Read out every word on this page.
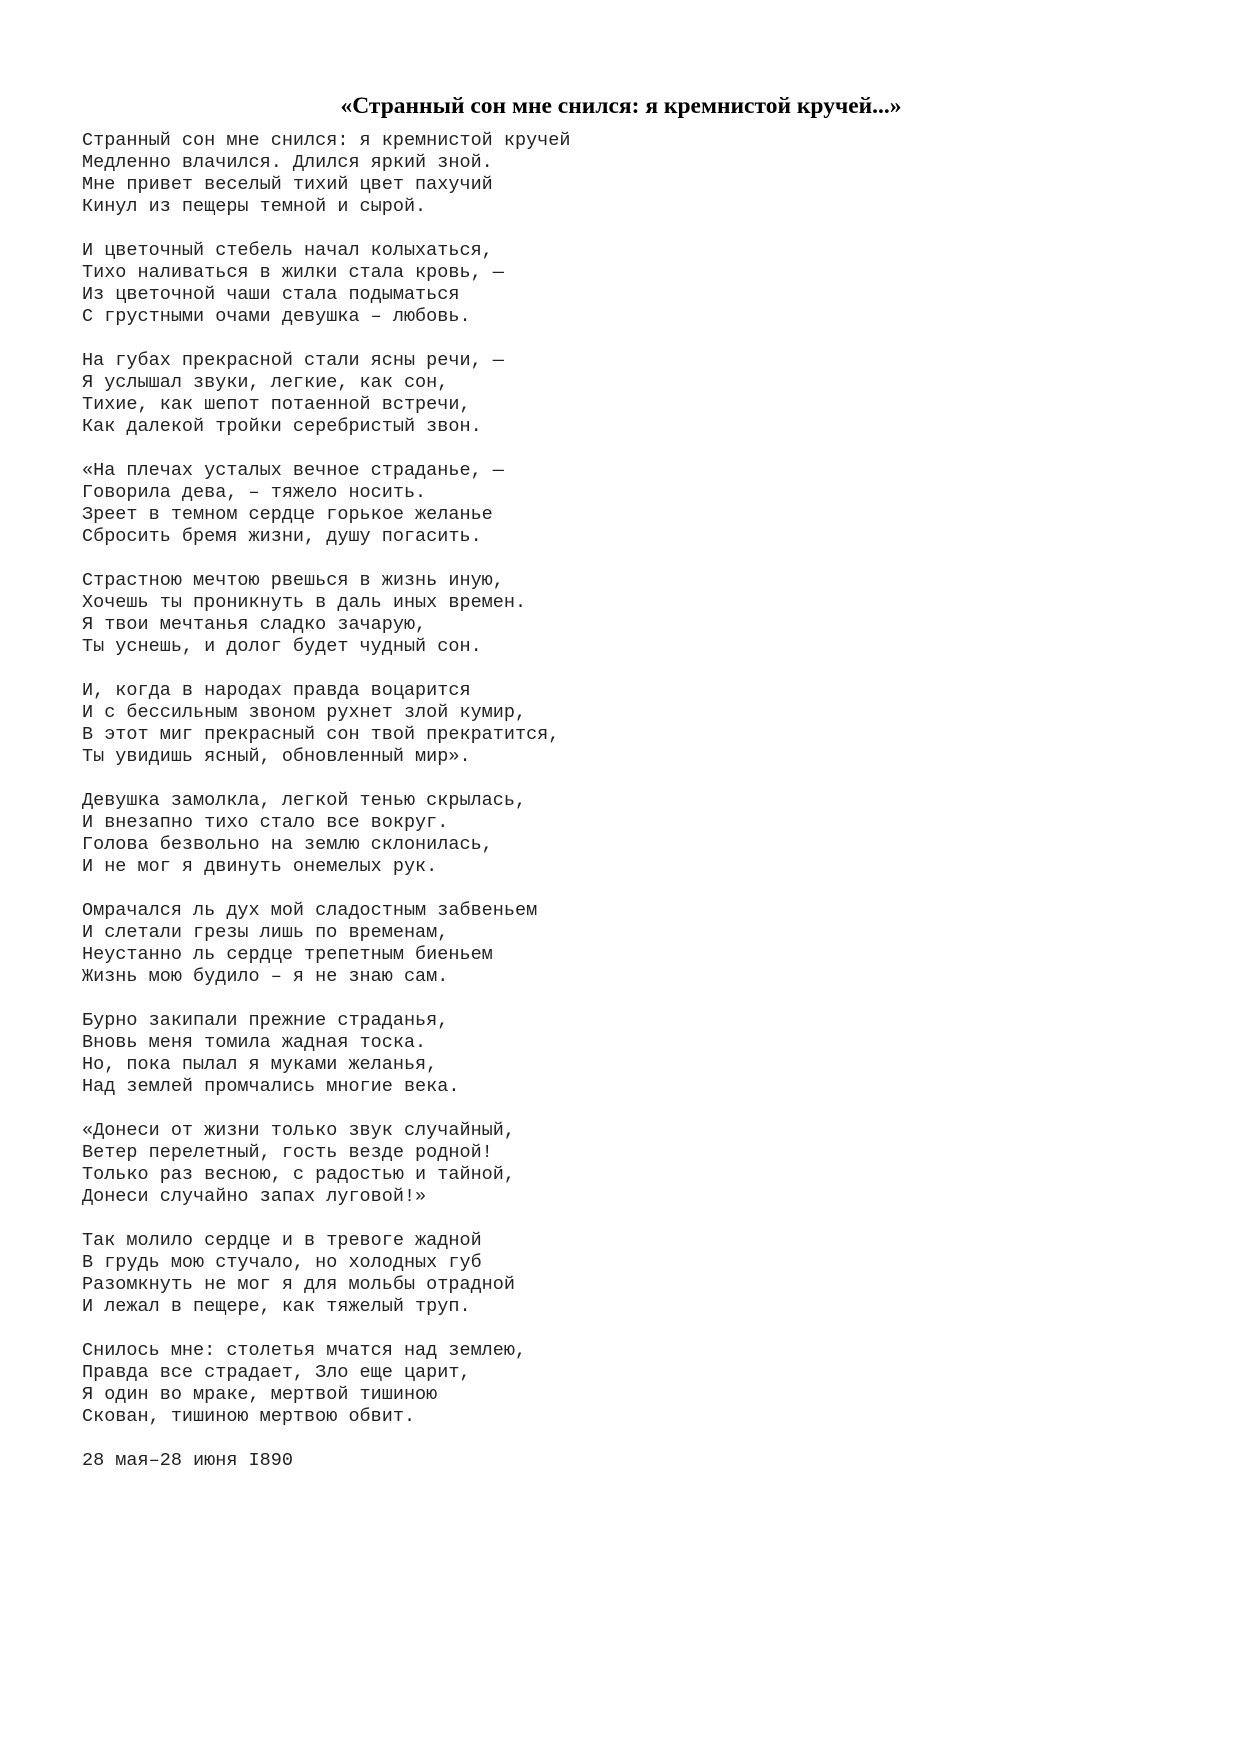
«Странный сон мне снился: я кремнистой кручей...»
Странный сон мне снился: я кремнистой кручей
Медленно влачился. Длился яркий зной.
Мне привет веселый тихий цвет пахучий
Кинул из пещеры темной и сырой.
И цветочный стебель начал колыхаться,
Тихо наливаться в жилки стала кровь, —
Из цветочной чаши стала подыматься
С грустными очами девушка – любовь.
На губах прекрасной стали ясны речи, —
Я услышал звуки, легкие, как сон,
Тихие, как шепот потаенной встречи,
Как далекой тройки серебристый звон.
«На плечах усталых вечное страданье, —
Говорила дева, – тяжело носить.
Зреет в темном сердце горькое желанье
Сбросить бремя жизни, душу погасить.
Страстною мечтою рвешься в жизнь иную,
Хочешь ты проникнуть в даль иных времен.
Я твои мечтанья сладко зачарую,
Ты уснешь, и долог будет чудный сон.
И, когда в народах правда воцарится
И с бессильным звоном рухнет злой кумир,
В этот миг прекрасный сон твой прекратится,
Ты увидишь ясный, обновленный мир».
Девушка замолкла, легкой тенью скрылась,
И внезапно тихо стало все вокруг.
Голова безвольно на землю склонилась,
И не мог я двинуть онемелых рук.
Омрачался ль дух мой сладостным забвеньем
И слетали грезы лишь по временам,
Неустанно ль сердце трепетным биеньем
Жизнь мою будило – я не знаю сам.
Бурно закипали прежние страданья,
Вновь меня томила жадная тоска.
Но, пока пылал я муками желанья,
Над землей промчались многие века.
«Донеси от жизни только звук случайный,
Ветер перелетный, гость везде родной!
Только раз весною, с радостью и тайной,
Донеси случайно запах луговой!»
Так молило сердце и в тревоге жадной
В грудь мою стучало, но холодных губ
Разомкнуть не мог я для мольбы отрадной
И лежал в пещере, как тяжелый труп.
Снилось мне: столетья мчатся над землею,
Правда все страдает, Зло еще царит,
Я один во мраке, мертвой тишиною
Скован, тишиною мертвою обвит.
28 мая–28 июня I890
